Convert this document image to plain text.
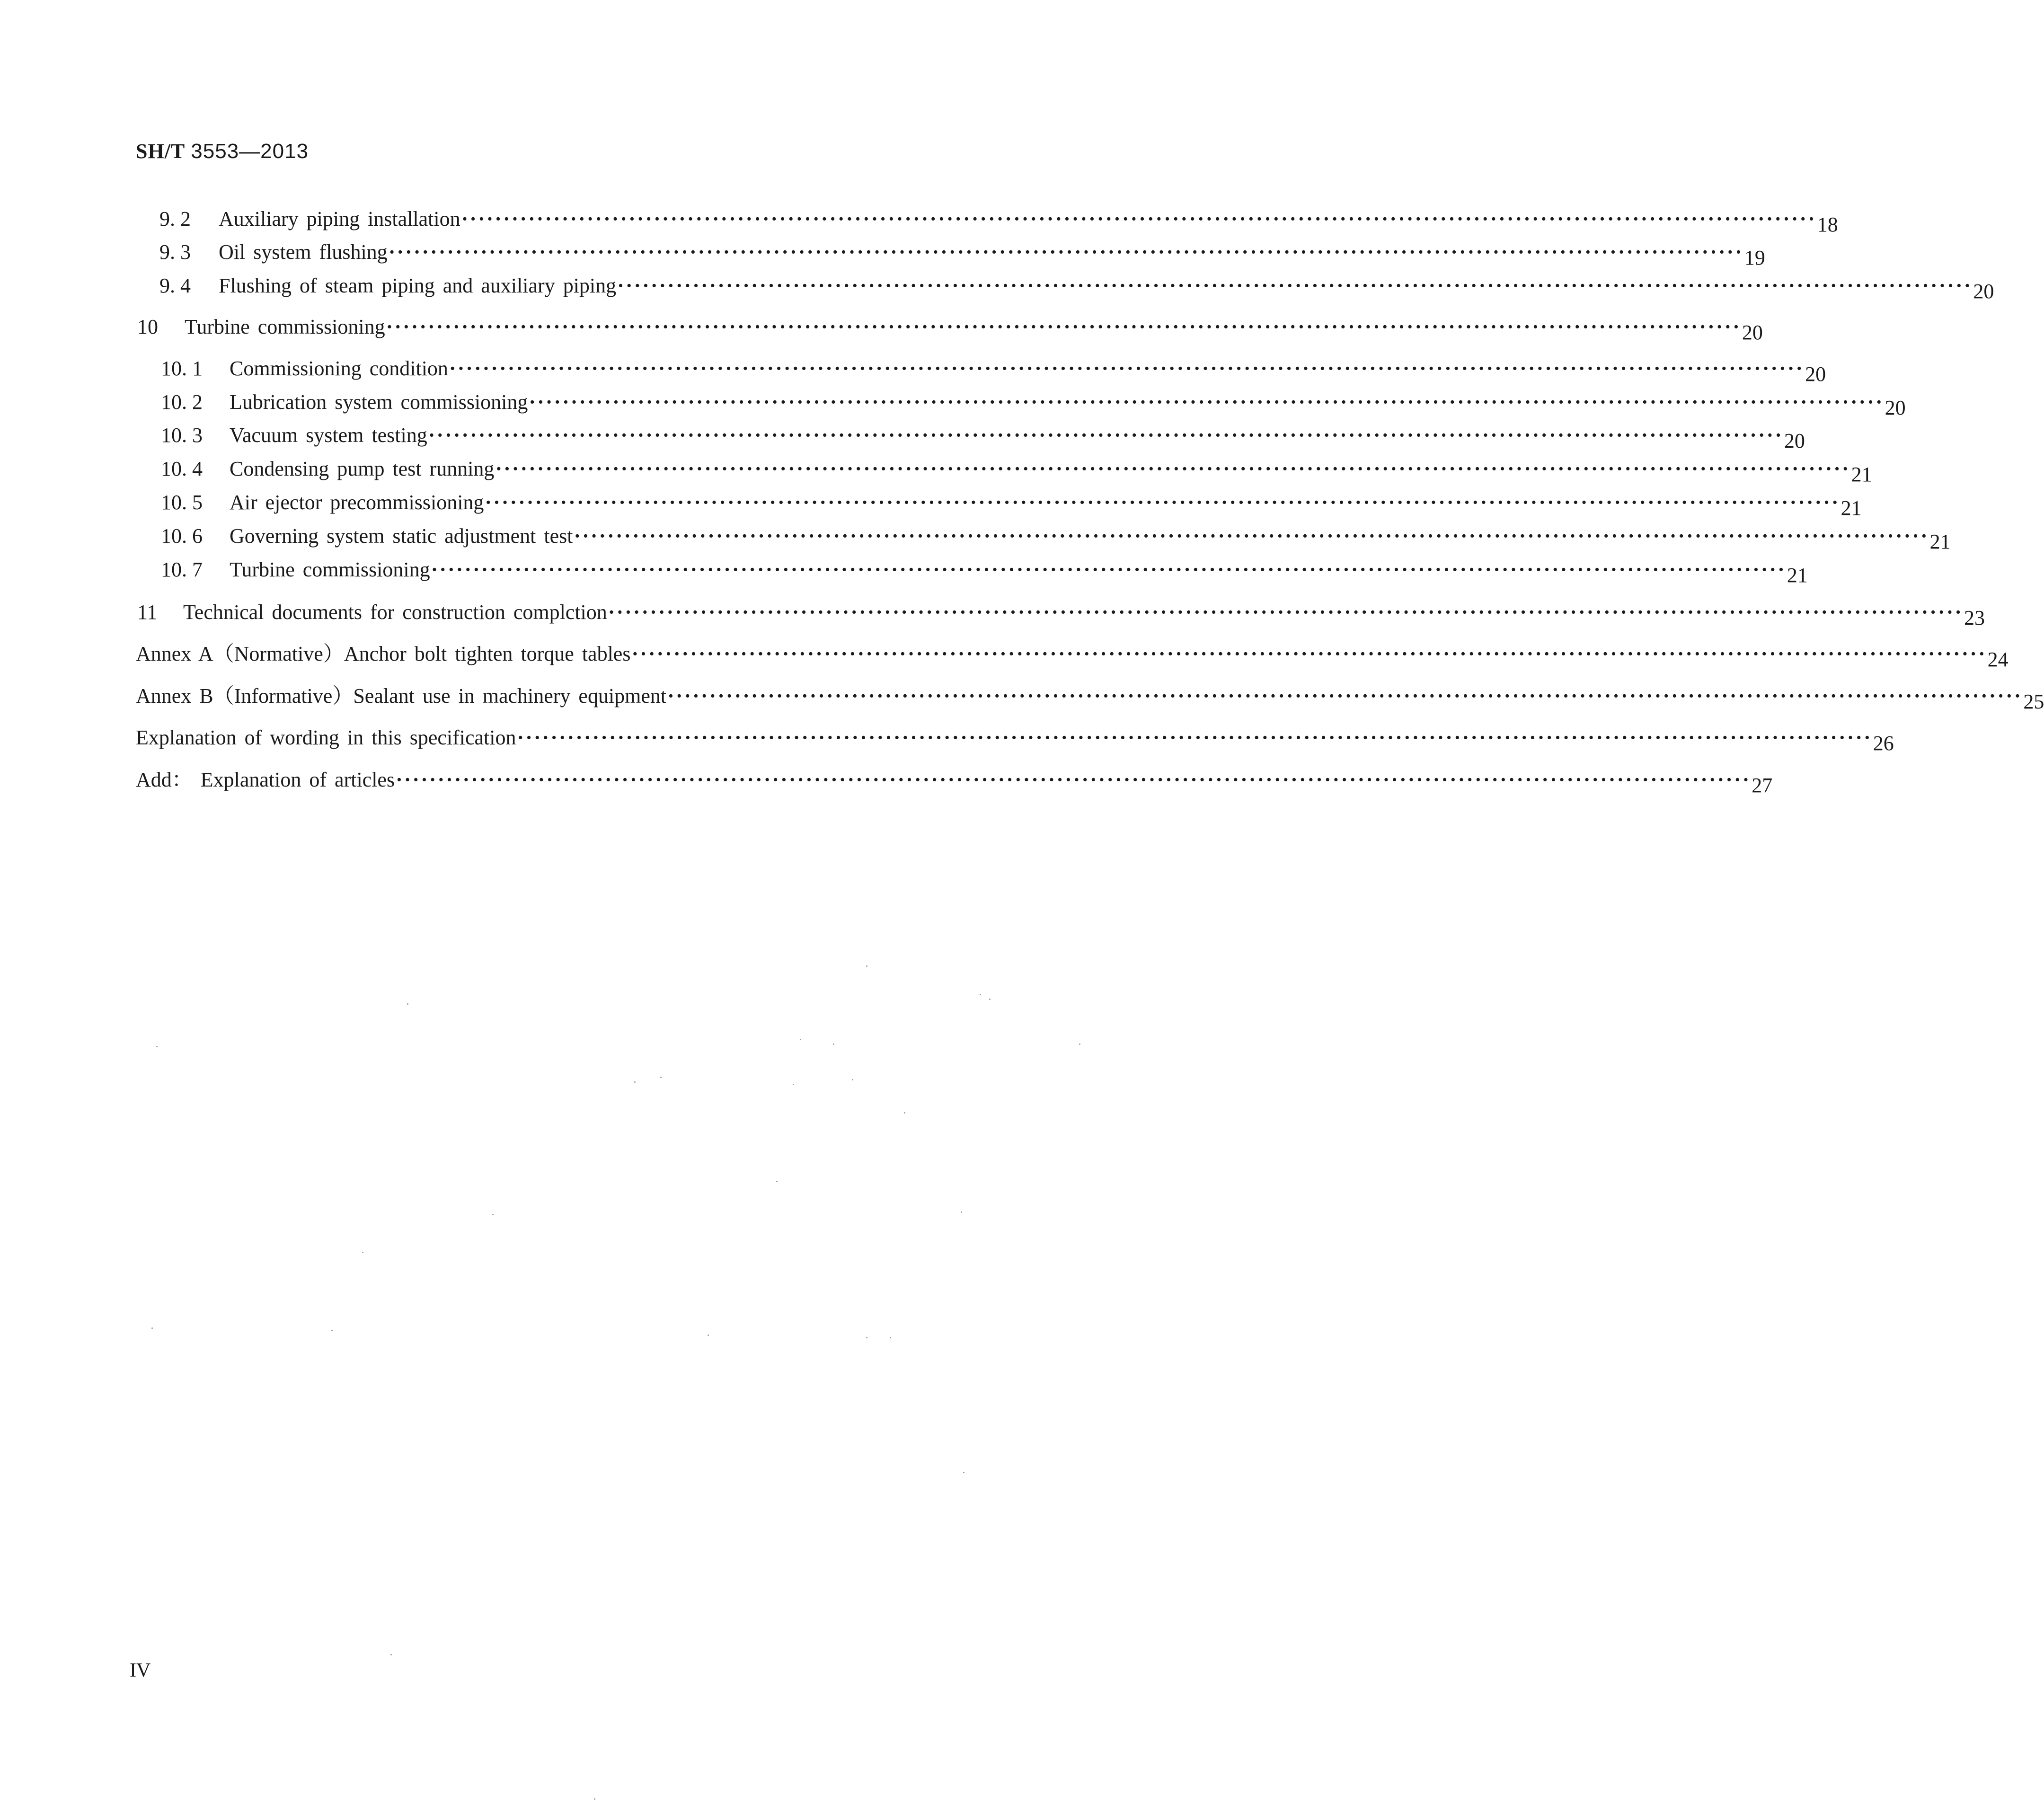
SH/T 3553—2013
9. 2 Auxiliary piping installation ·································································································································································· 18
9. 3 Oil system flushing ·································································································································································· 19
9. 4 Flushing of steam piping and auxiliary piping ·································································································································································· 20
10 Turbine commissioning ·································································································································································· 20
10. 1 Commissioning condition ·································································································································································· 20
10. 2 Lubrication system commissioning ·································································································································································· 20
10. 3 Vacuum system testing ·································································································································································· 20
10. 4 Condensing pump test running ·································································································································································· 21
10. 5 Air ejector precommissioning ·································································································································································· 21
10. 6 Governing system static adjustment test ·································································································································································· 21
10. 7 Turbine commissioning ·································································································································································· 21
11 Technical documents for construction complction ·································································································································································· 23
Annex A（Normative）Anchor bolt tighten torque tables ·································································································································································· 24
Annex B（Informative）Sealant use in machinery equipment ·································································································································································· 25
Explanation of wording in this specification ·································································································································································· 26
Add： Explanation of articles ·································································································································································· 27
IV
